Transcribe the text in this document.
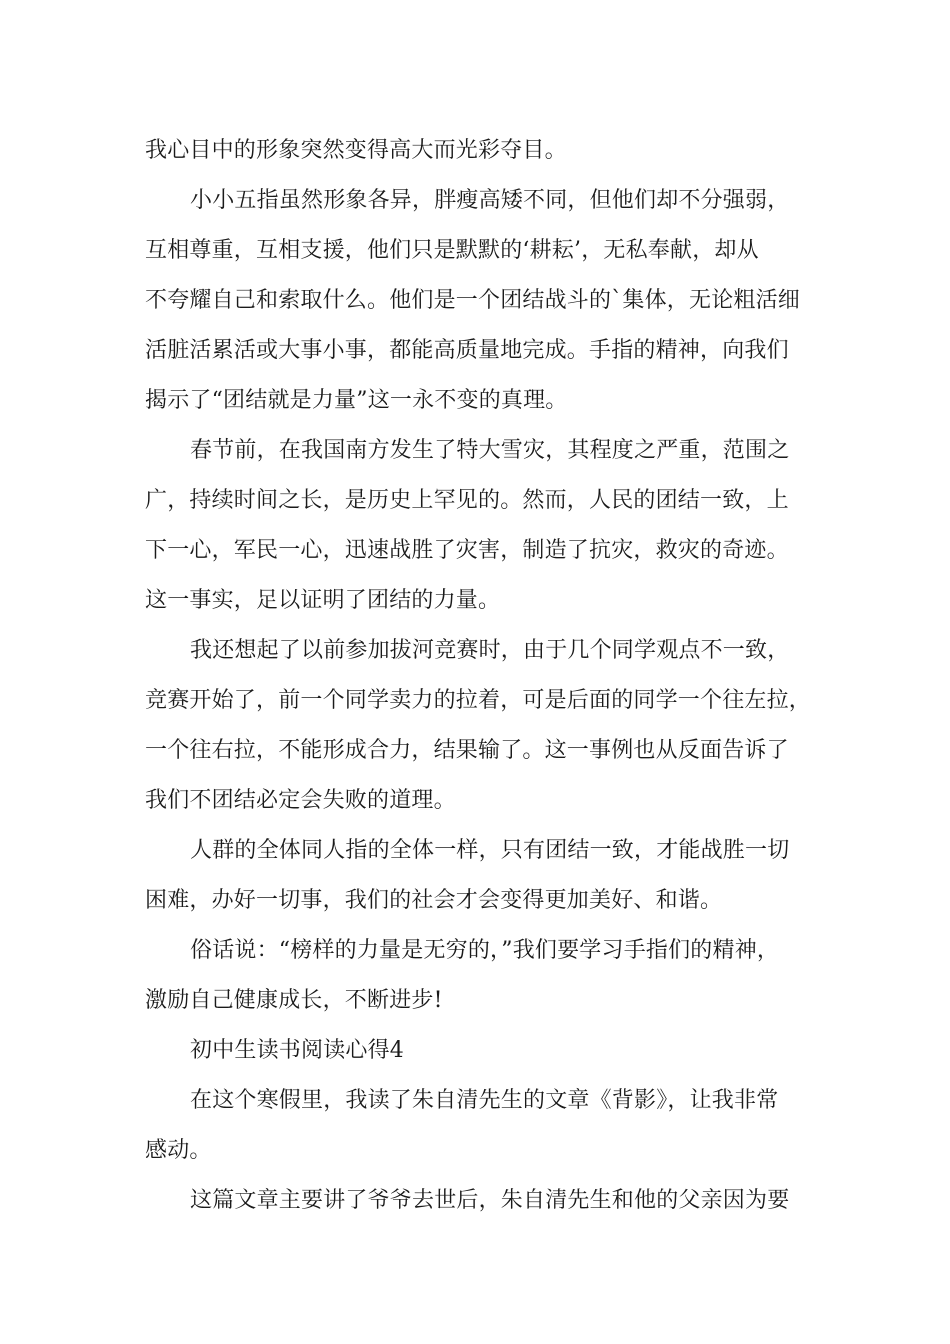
我心目中的形象突然变得高大而光彩夺目。
小小五指虽然形象各异，胖瘦高矮不同，但他们却不分强弱，
互相尊重，互相支援，他们只是默默的‘耕耘’，无私奉献，却从
不夸耀自己和索取什么。他们是一个团结战斗的`集体，无论粗活细
活脏活累活或大事小事，都能高质量地完成。手指的精神，向我们
揭示了“团结就是力量”这一永不变的真理。
春节前，在我国南方发生了特大雪灾，其程度之严重，范围之
广，持续时间之长，是历史上罕见的。然而，人民的团结一致，上
下一心，军民一心，迅速战胜了灾害，制造了抗灾，救灾的奇迹。
这一事实，足以证明了团结的力量。
我还想起了以前参加拔河竞赛时，由于几个同学观点不一致，
竞赛开始了，前一个同学卖力的拉着，可是后面的同学一个往左拉，
一个往右拉，不能形成合力，结果输了。这一事例也从反面告诉了
我们不团结必定会失败的道理。
人群的全体同人指的全体一样，只有团结一致，才能战胜一切
困难，办好一切事，我们的社会才会变得更加美好、和谐。
俗话说：“榜样的力量是无穷的，”我们要学习手指们的精神，
激励自己健康成长，不断进步!
初中生读书阅读心得4
在这个寒假里，我读了朱自清先生的文章《背影》，让我非常
感动。
这篇文章主要讲了爷爷去世后，朱自清先生和他的父亲因为要
